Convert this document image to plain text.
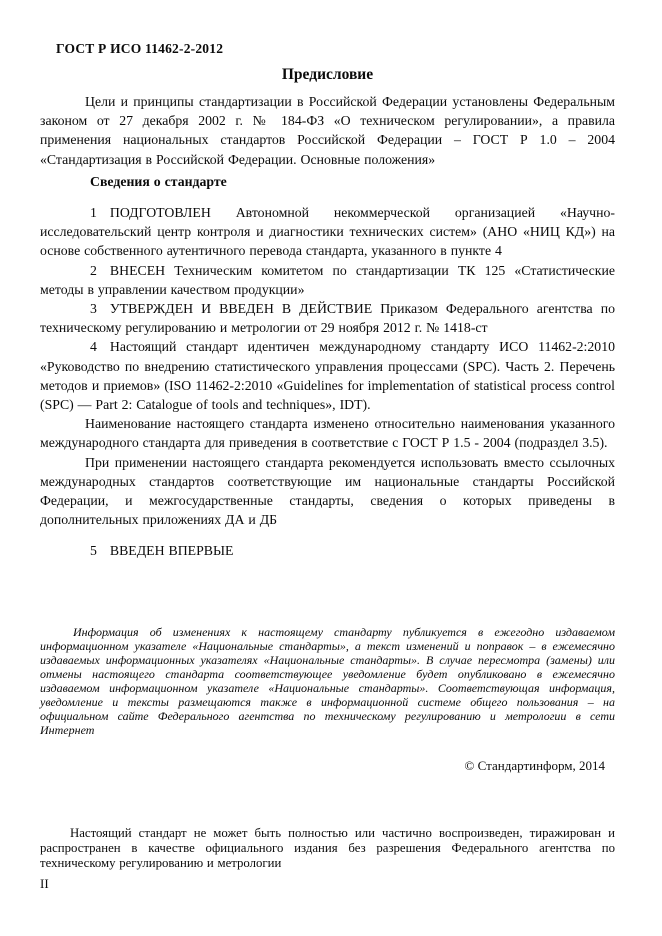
ГОСТ Р ИСО 11462-2-2012
Предисловие

Цели и принципы стандартизации в Российской Федерации установлены Федеральным законом от 27 декабря 2002 г. № 184-ФЗ «О техническом регулировании», а правила применения национальных стандартов Российской Федерации – ГОСТ Р 1.0 – 2004 «Стандартизация в Российской Федерации. Основные положения»

Сведения о стандарте

1 ПОДГОТОВЛЕН Автономной некоммерческой организацией «Научно-исследовательский центр контроля и диагностики технических систем» (АНО «НИЦ КД») на основе собственного аутентичного перевода стандарта, указанного в пункте 4

2 ВНЕСЕН Техническим комитетом по стандартизации ТК 125 «Статистические методы в управлении качеством продукции»

3 УТВЕРЖДЕН И ВВЕДЕН В ДЕЙСТВИЕ Приказом Федерального агентства по техническому регулированию и метрологии от 29 ноября 2012 г. № 1418-ст

4 Настоящий стандарт идентичен международному стандарту ИСО 11462-2:2010 «Руководство по внедрению статистического управления процессами (SPC). Часть 2. Перечень методов и приемов» (ISO 11462-2:2010 «Guidelines for implementation of statistical process control (SPC) — Part 2: Catalogue of tools and techniques», IDT).

Наименование настоящего стандарта изменено относительно наименования указанного международного стандарта для приведения в соответствие с ГОСТ Р 1.5 - 2004 (подраздел 3.5).

При применении настоящего стандарта рекомендуется использовать вместо ссылочных международных стандартов соответствующие им национальные стандарты Российской Федерации, и межгосударственные стандарты, сведения о которых приведены в дополнительных приложениях ДА и ДБ

5 ВВЕДЕН ВПЕРВЫЕ

Информация об изменениях к настоящему стандарту публикуется в ежегодно издаваемом информационном указателе «Национальные стандарты», а текст изменений и поправок – в ежемесячно издаваемых информационных указателях «Национальные стандарты». В случае пересмотра (замены) или отмены настоящего стандарта соответствующее уведомление будет опубликовано в ежемесячно издаваемом информационном указателе «Национальные стандарты». Соответствующая информация, уведомление и тексты размещаются также в информационной системе общего пользования – на официальном сайте Федерального агентства по техническому регулированию и метрологии в сети Интернет

© Стандартинформ, 2014

Настоящий стандарт не может быть полностью или частично воспроизведен, тиражирован и распространен в качестве официального издания без разрешения Федерального агентства по техническому регулированию и метрологии

II
